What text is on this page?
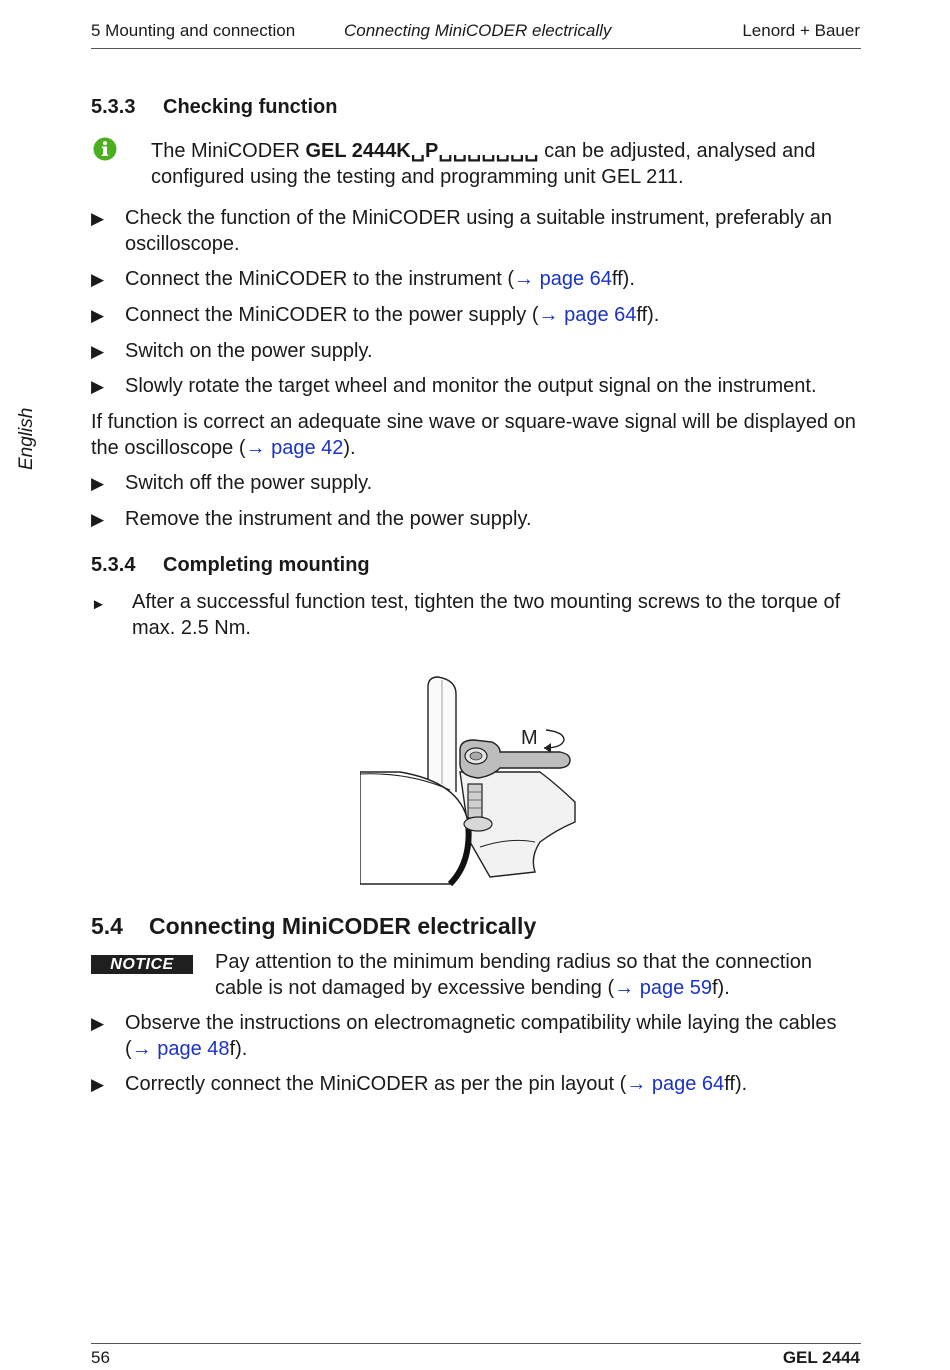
5 Mounting and connection	Connecting MiniCODER electrically	Lenord + Bauer
English
5.3.3 Checking function
The MiniCODER GEL 2444K␣P␣␣␣␣␣␣␣ can be adjusted, analysed and configured using the testing and programming unit GEL 211.
▶ Check the function of the MiniCODER using a suitable instrument, preferably an oscilloscope.
▶ Connect the MiniCODER to the instrument (→ page 64ff).
▶ Connect the MiniCODER to the power supply (→ page 64ff).
▶ Switch on the power supply.
▶ Slowly rotate the target wheel and monitor the output signal on the instrument.
If function is correct an adequate sine wave or square-wave signal will be displayed on the oscilloscope (→ page 42).
▶ Switch off the power supply.
▶ Remove the instrument and the power supply.
5.3.4 Completing mounting
► After a successful function test, tighten the two mounting screws to the torque of max. 2.5 Nm.
M
5.4 Connecting MiniCODER electrically
NOTICE	Pay attention to the minimum bending radius so that the connection cable is not damaged by excessive bending (→ page 59f).
▶ Observe the instructions on electromagnetic compatibility while laying the cables (→ page 48f).
▶ Correctly connect the MiniCODER as per the pin layout (→ page 64ff).
56	GEL 2444
